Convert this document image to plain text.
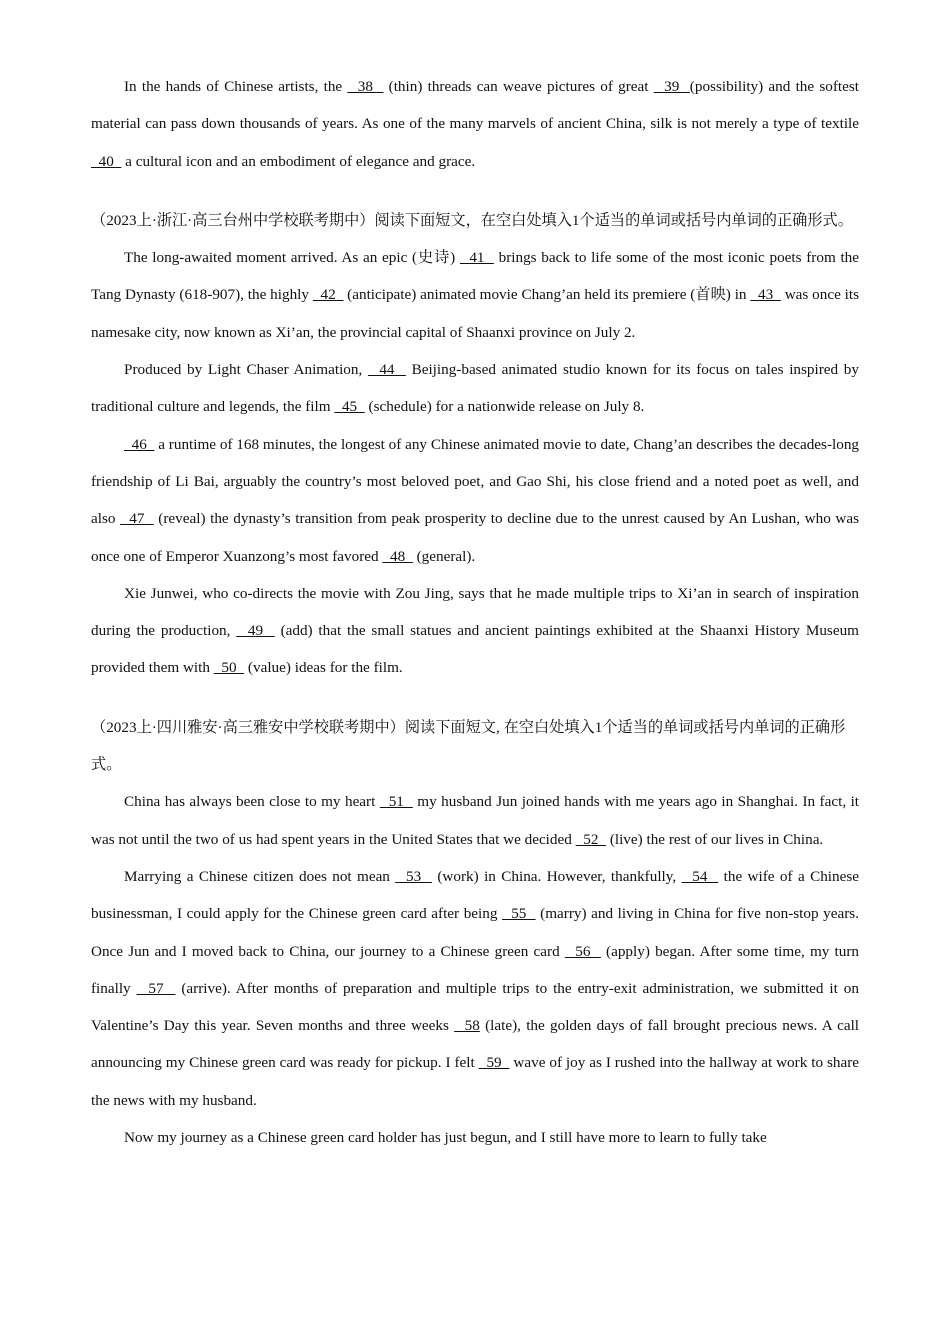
In the hands of Chinese artists, the   38   (thin) threads can weave pictures of great   39  (possibility) and the softest material can pass down thousands of years. As one of the many marvels of ancient China, silk is not merely a type of textile   40   a cultural icon and an embodiment of elegance and grace.

（2023上·浙江·高三台州中学校联考期中）阅读下面短文，在空白处填入1个适当的单词或括号内单词的正确形式。

The long-awaited moment arrived. As an epic (史诗)   41   brings back to life some of the most iconic poets from the Tang Dynasty (618-907), the highly   42   (anticipate) animated movie Chang’an held its premiere (首映) in   43   was once its namesake city, now known as Xi’an, the provincial capital of Shaanxi province on July 2.

Produced by Light Chaser Animation,   44   Beijing-based animated studio known for its focus on tales inspired by traditional culture and legends, the film   45   (schedule) for a nationwide release on July 8.

46   a runtime of 168 minutes, the longest of any Chinese animated movie to date, Chang’an describes the decades-long friendship of Li Bai, arguably the country’s most beloved poet, and Gao Shi, his close friend and a noted poet as well, and also   47   (reveal) the dynasty’s transition from peak prosperity to decline due to the unrest caused by An Lushan, who was once one of Emperor Xuanzong’s most favored   48   (general).

Xie Junwei, who co-directs the movie with Zou Jing, says that he made multiple trips to Xi’an in search of inspiration during the production,   49   (add) that the small statues and ancient paintings exhibited at the Shaanxi History Museum provided them with   50   (value) ideas for the film.

（2023上·四川雅安·高三雅安中学校联考期中）阅读下面短文, 在空白处填入1个适当的单词或括号内单词的正确形式。

China has always been close to my heart   51   my husband Jun joined hands with me years ago in Shanghai. In fact, it was not until the two of us had spent years in the United States that we decided   52   (live) the rest of our lives in China.

Marrying a Chinese citizen does not mean   53   (work) in China. However, thankfully,   54   the wife of a Chinese businessman, I could apply for the Chinese green card after being   55   (marry) and living in China for five non-stop years. Once Jun and I moved back to China, our journey to a Chinese green card   56   (apply) began. After some time, my turn finally   57   (arrive). After months of preparation and multiple trips to the entry-exit administration, we submitted it on Valentine’s Day this year. Seven months and three weeks   58 (late), the golden days of fall brought precious news. A call announcing my Chinese green card was ready for pickup. I felt   59   wave of joy as I rushed into the hallway at work to share the news with my husband.

Now my journey as a Chinese green card holder has just begun, and I still have more to learn to fully take
